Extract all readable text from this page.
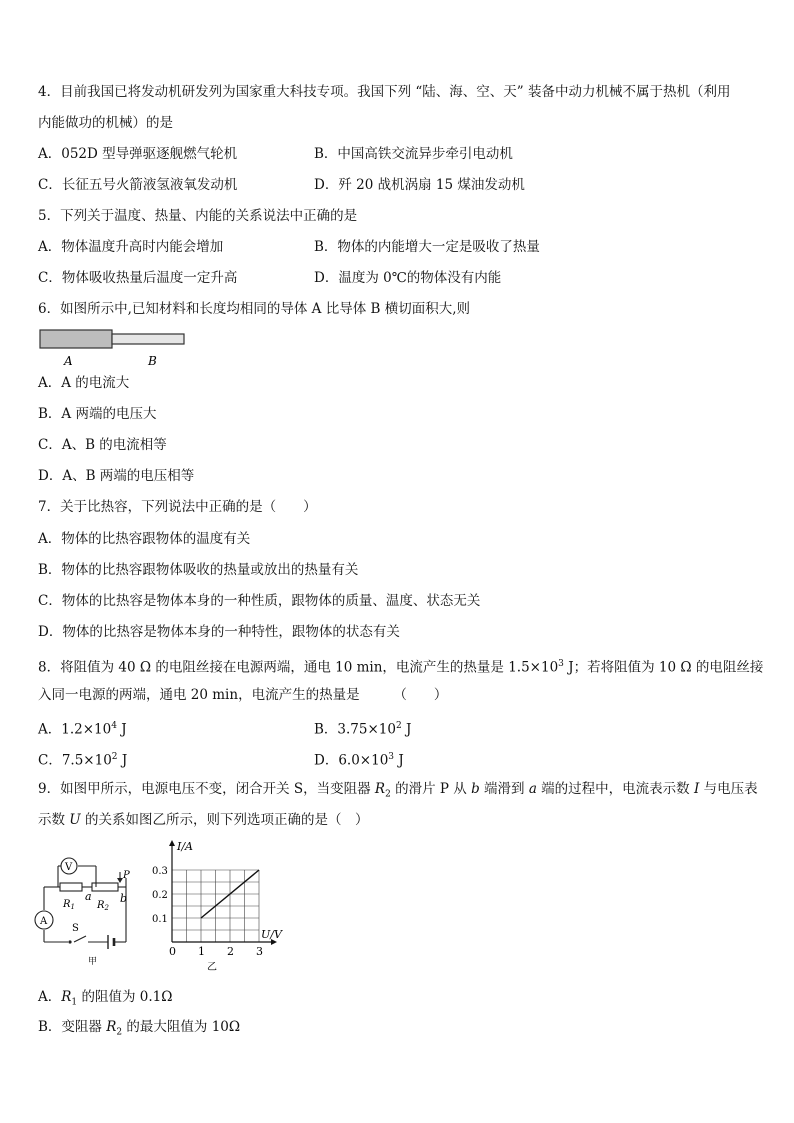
4．目前我国已将发动机研发列为国家重大科技专项。我国下列 “陆、海、空、天” 装备中动力机械不属于热机（利用
内能做功的机械）的是
A．052D 型导弹驱逐舰燃气轮机	B．中国高铁交流异步牵引电动机
C．长征五号火箭液氢液氧发动机	D．歼 20 战机涡扇 15 煤油发动机
5．下列关于温度、热量、内能的关系说法中正确的是
A．物体温度升高时内能会增加	B．物体的内能增大一定是吸收了热量
C．物体吸收热量后温度一定升高	D．温度为 0℃的物体没有内能
6．如图所示中,已知材料和长度均相同的导体 A 比导体 B 横切面积大,则
A	B
A．A 的电流大
B．A 两端的电压大
C．A、B 的电流相等
D．A、B 两端的电压相等
7．关于比热容，下列说法中正确的是（　　）
A．物体的比热容跟物体的温度有关
B．物体的比热容跟物体吸收的热量或放出的热量有关
C．物体的比热容是物体本身的一种性质，跟物体的质量、温度、状态无关
D．物体的比热容是物体本身的一种特性，跟物体的状态有关
8．将阻值为 40 Ω 的电阻丝接在电源两端，通电 10 min，电流产生的热量是 $1.5\times 10^3$ J；若将阻值为 10 Ω 的电阻丝接
入同一电源的两端，通电 20 min，电流产生的热量是　　　（　　）
A．$1.2\times 10^4$ J	B．$3.75\times 10^2$ J
C．$7.5\times 10^2$ J	D．$6.0\times 10^3$ J
9．如图甲所示，电源电压不变，闭合开关 S，当变阻器 $R_2$ 的滑片 P 从 b 端滑到 a 端的过程中，电流表示数 I 与电压表
示数 U 的关系如图乙所示，则下列选项正确的是（　）
V
A
P
a	b
$R_1$ $R_2$
S
甲
0 1 2 3
0.1
0.2
0.3
I/A
U/V
乙
A．$R_1$ 的阻值为 0.1Ω
B．变阻器 $R_2$ 的最大阻值为 10Ω
